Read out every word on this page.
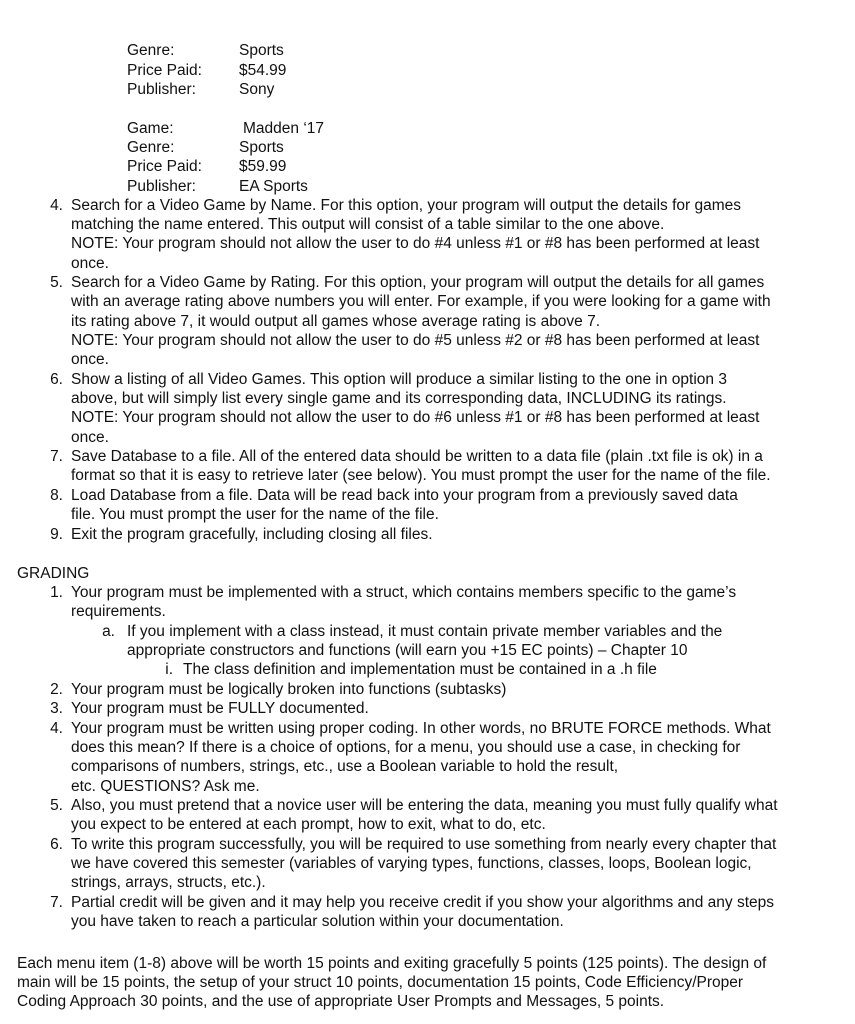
Genre:	Sports
Price Paid: $54.99
Publisher:	Sony
Game:	Madden ‘17
Genre:	Sports
Price Paid: $59.99
Publisher:	EA Sports
4. Search for a Video Game by Name. For this option, your program will output the details for games
matching the name entered. This output will consist of a table similar to the one above.
NOTE: Your program should not allow the user to do #4 unless #1 or #8 has been performed at least
once.
5. Search for a Video Game by Rating. For this option, your program will output the details for all games
with an average rating above numbers you will enter. For example, if you were looking for a game with
its rating above 7, it would output all games whose average rating is above 7.
NOTE: Your program should not allow the user to do #5 unless #2 or #8 has been performed at least
once.
6. Show a listing of all Video Games. This option will produce a similar listing to the one in option 3
above, but will simply list every single game and its corresponding data, INCLUDING its ratings.
NOTE: Your program should not allow the user to do #6 unless #1 or #8 has been performed at least
once.
7. Save Database to a file. All of the entered data should be written to a data file (plain .txt file is ok) in a
format so that it is easy to retrieve later (see below). You must prompt the user for the name of the file.
8. Load Database from a file. Data will be read back into your program from a previously saved data
file. You must prompt the user for the name of the file.
9. Exit the program gracefully, including closing all files.
GRADING
1. Your program must be implemented with a struct, which contains members specific to the game’s
requirements.
a. If you implement with a class instead, it must contain private member variables and the
appropriate constructors and functions (will earn you +15 EC points) – Chapter 10
i. The class definition and implementation must be contained in a .h file
2. Your program must be logically broken into functions (subtasks)
3. Your program must be FULLY documented.
4. Your program must be written using proper coding. In other words, no BRUTE FORCE methods. What
does this mean? If there is a choice of options, for a menu, you should use a case, in checking for
comparisons of numbers, strings, etc., use a Boolean variable to hold the result,
etc. QUESTIONS? Ask me.
5. Also, you must pretend that a novice user will be entering the data, meaning you must fully qualify what
you expect to be entered at each prompt, how to exit, what to do, etc.
6. To write this program successfully, you will be required to use something from nearly every chapter that
we have covered this semester (variables of varying types, functions, classes, loops, Boolean logic,
strings, arrays, structs, etc.).
7. Partial credit will be given and it may help you receive credit if you show your algorithms and any steps
you have taken to reach a particular solution within your documentation.
Each menu item (1-8) above will be worth 15 points and exiting gracefully 5 points (125 points). The design of
main will be 15 points, the setup of your struct 10 points, documentation 15 points, Code Efficiency/Proper
Coding Approach 30 points, and the use of appropriate User Prompts and Messages, 5 points.
